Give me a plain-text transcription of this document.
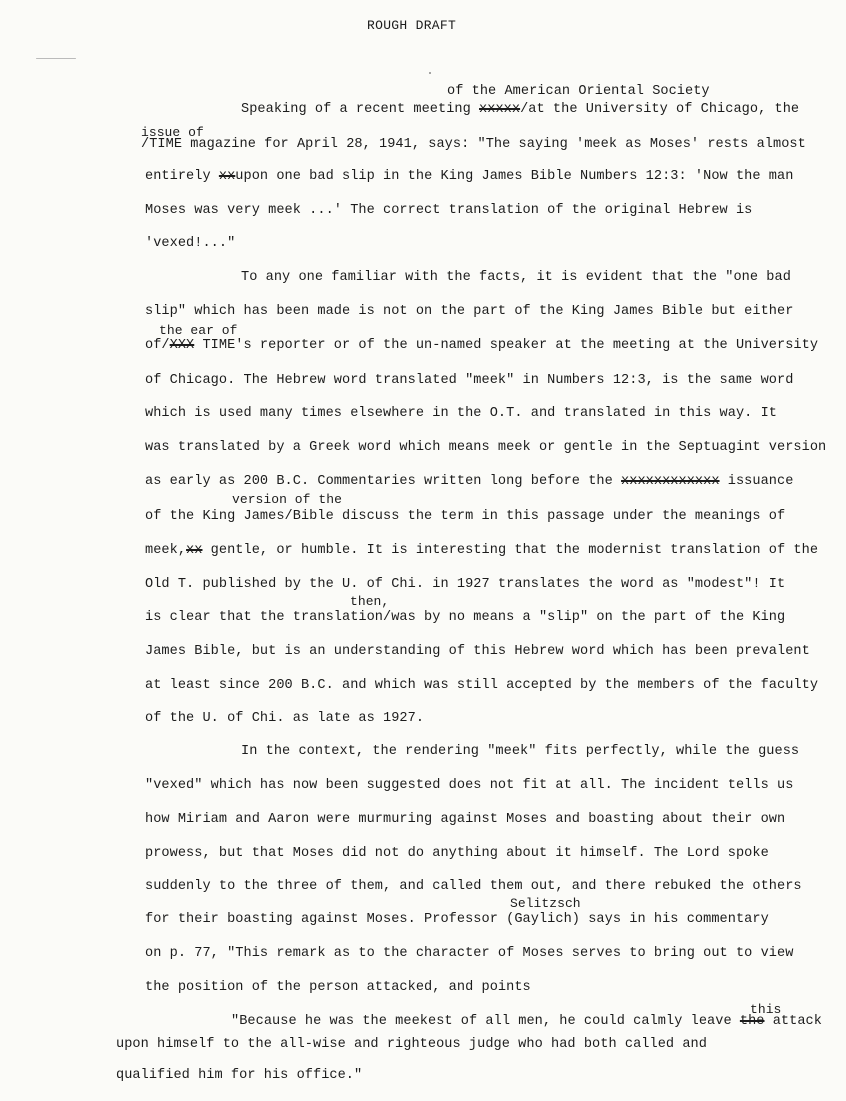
ROUGH DRAFT
of the American Oriental Society
Speaking of a recent meeting xxxxx/at the University of Chicago, the
issue of
/TIME magazine for April 28, 1941, says: "The saying 'meek as Moses' rests almost
entirely xxupon one bad slip in the King James Bible Numbers 12:3: 'Now the man
Moses was very meek ...' The correct translation of the original Hebrew is
'vexed!..."
To any one familiar with the facts, it is evident that the "one bad
slip" which has been made is not on the part of the King James Bible but either
the ear of
of/XXX TIME's reporter or of the un-named speaker at the meeting at the University
of Chicago. The Hebrew word translated "meek" in Numbers 12:3, is the same word
which is used many times elsewhere in the O.T. and translated in this way. It
was translated by a Greek word which means meek or gentle in the Septuagint version
as early as 200 B.C. Commentaries written long before the xxxxxxxxxxxx issuance
version of the
of the King James/Bible discuss the term in this passage under the meanings of
meek,xx gentle, or humble. It is interesting that the modernist translation of the
Old T. published by the U. of Chi. in 1927 translates the word as "modest"! It
then,
is clear that the translation/was by no means a "slip" on the part of the King
James Bible, but is an understanding of this Hebrew word which has been prevalent
at least since 200 B.C. and which was still accepted by the members of the faculty
of the U. of Chi. as late as 1927.
In the context, the rendering "meek" fits perfectly, while the guess
"vexed" which has now been suggested does not fit at all. The incident tells us
how Miriam and Aaron were murmuring against Moses and boasting about their own
prowess, but that Moses did not do anything about it himself. The Lord spoke
suddenly to the three of them, and called them out, and there rebuked the others
Selitzsch
for their boasting against Moses. Professor (Gaylich) says in his commentary
on p. 77, "This remark as to the character of Moses serves to bring out to view
the position of the person attacked, and points
this
"Because he was the meekest of all men, he could calmly leave the attack
upon himself to the all-wise and righteous judge who had both called and
qualified him for his office."
